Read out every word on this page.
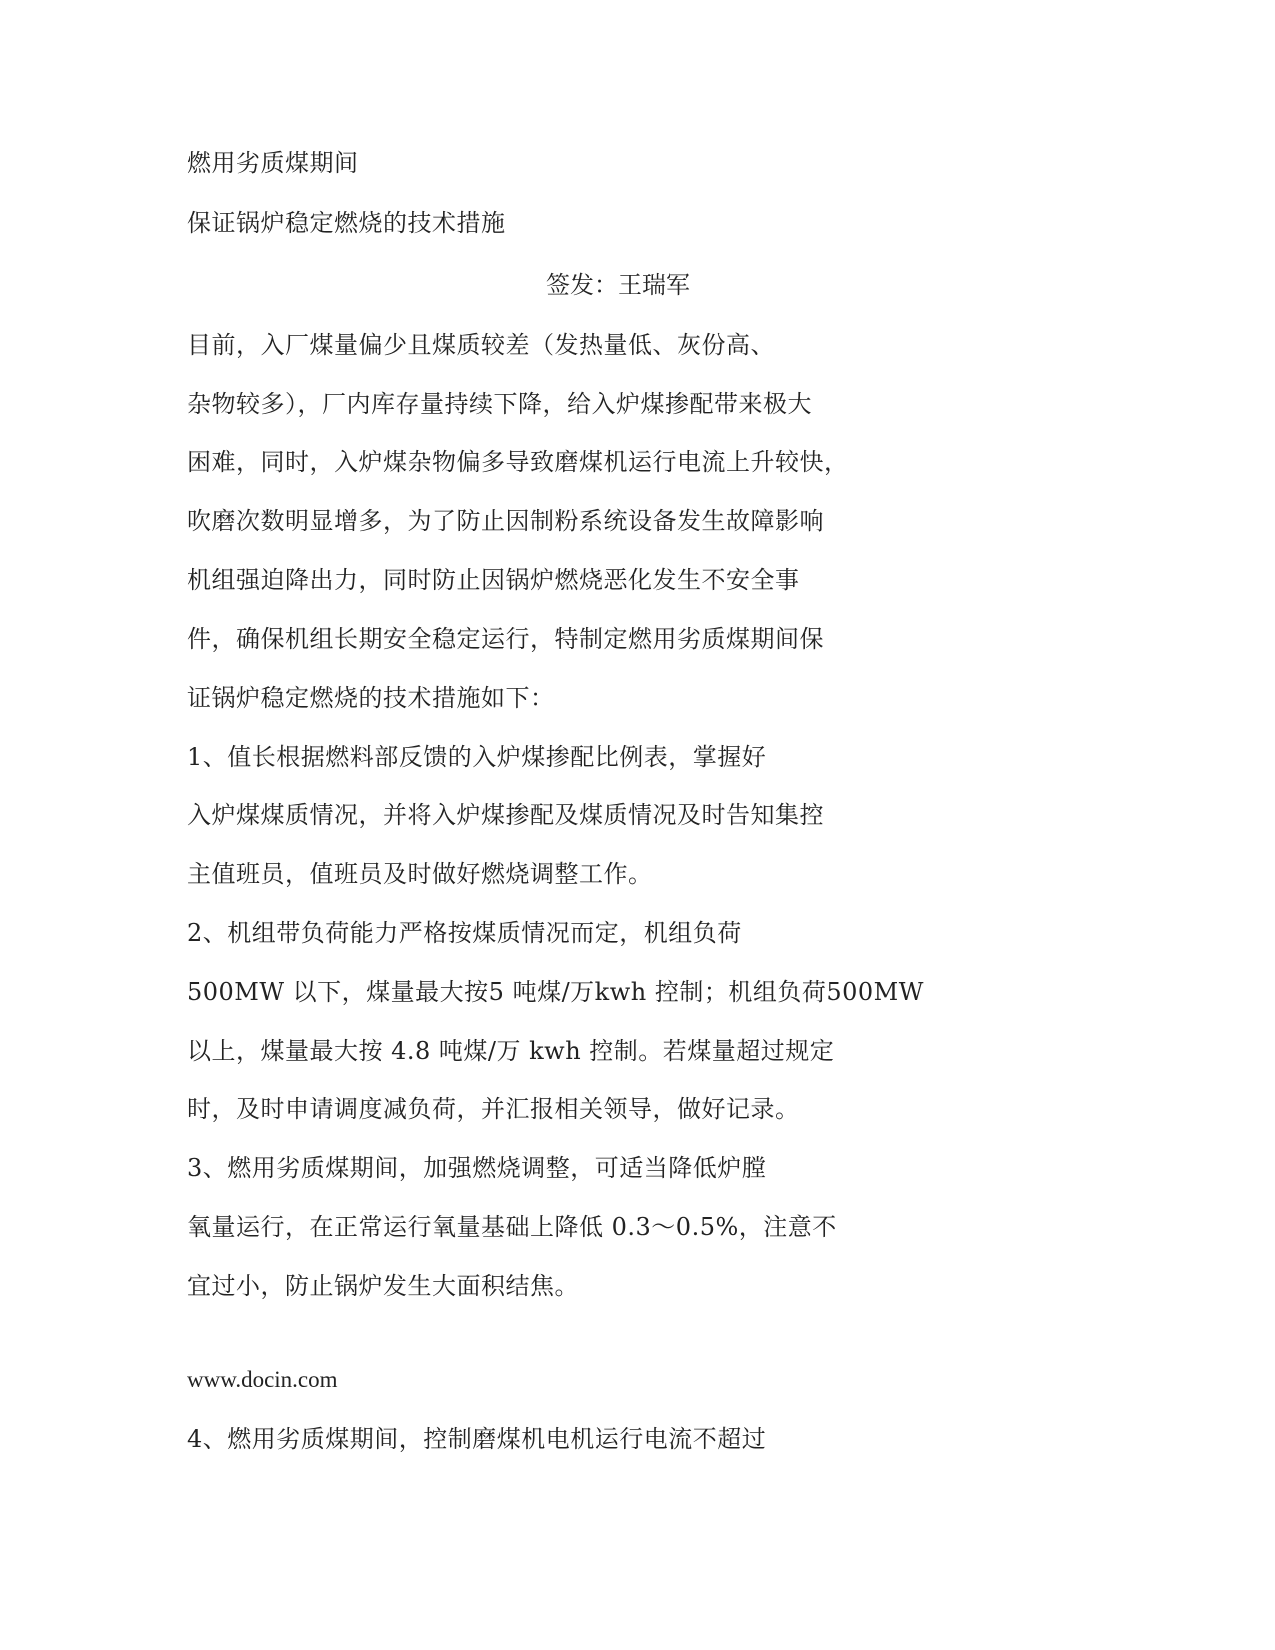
燃用劣质煤期间
保证锅炉稳定燃烧的技术措施
签发：王瑞军
目前，入厂煤量偏少且煤质较差（发热量低、灰份高、
杂物较多），厂内库存量持续下降，给入炉煤掺配带来极大
困难，同时，入炉煤杂物偏多导致磨煤机运行电流上升较快，
吹磨次数明显增多，为了防止因制粉系统设备发生故障影响
机组强迫降出力，同时防止因锅炉燃烧恶化发生不安全事
件，确保机组长期安全稳定运行，特制定燃用劣质煤期间保
证锅炉稳定燃烧的技术措施如下：
1、值长根据燃料部反馈的入炉煤掺配比例表，掌握好
入炉煤煤质情况，并将入炉煤掺配及煤质情况及时告知集控
主值班员，值班员及时做好燃烧调整工作。
2、机组带负荷能力严格按煤质情况而定，机组负荷
500MW 以下，煤量最大按5 吨煤/万kwh 控制；机组负荷500MW
以上，煤量最大按 4.8 吨煤/万 kwh 控制。若煤量超过规定
时，及时申请调度减负荷，并汇报相关领导，做好记录。
3、燃用劣质煤期间，加强燃烧调整，可适当降低炉膛
氧量运行，在正常运行氧量基础上降低 0.3～0.5%，注意不
宜过小，防止锅炉发生大面积结焦。
www.docin.com
4、燃用劣质煤期间，控制磨煤机电机运行电流不超过
